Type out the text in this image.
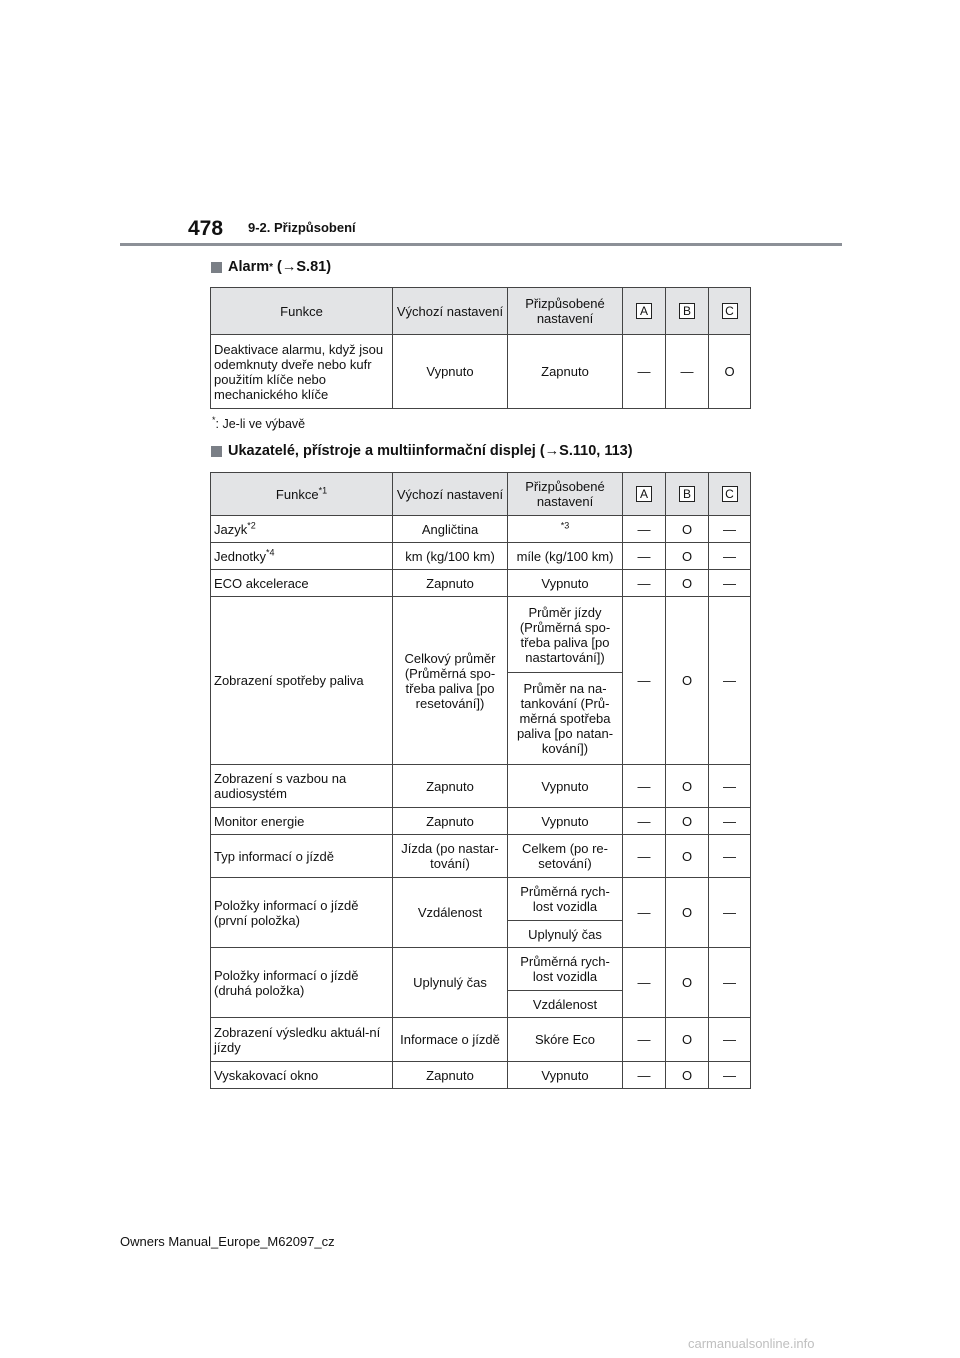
478 9-2. Přizpůsobení
Alarm *
(→S.81)
Funkce	Výchozí nastavení	Přizpůsobené nastavení	A	B	C
Deaktivace alarmu, když jsou odemknuty dveře nebo kufr použitím klíče nebo mechanického klíče	Vypnuto	Zapnuto	—	—	O
*: Je-li ve výbavě
Ukazatelé, přístroje a multiinformační displej
(→S.110, 113)
Funkce$^{*1}$	Výchozí nastavení	Přizpůsobené nastavení	A	B	C
Jazyk$^{*2}$	Angličtina	$^{*3}$	—	O	—
Jednotky$^{*4}$	km (kg/100 km)	míle (kg/100 km)	—	O	—
ECO akcelerace	Zapnuto	Vypnuto	—	O	—
Zobrazení spotřeby paliva	Celkový průměr (Průměrná spo-třeba paliva [po resetování])	Průměr jízdy (Průměrná spo-třeba paliva [po nastartování])	—	O	—
		Průměr na na-tankování (Prů-měrná spotřeba paliva [po natan-kování])			
Zobrazení s vazbou na audiosystém	Zapnuto	Vypnuto	—	O	—
Monitor energie	Zapnuto	Vypnuto	—	O	—
Typ informací o jízdě	Jízda (po nastar-tování)	Celkem (po re-setování)	—	O	—
Položky informací o jízdě (první položka)	Vzdálenost	Průměrná rych-lost vozidla	—	O	—
		Uplynulý čas			
Položky informací o jízdě (druhá položka)	Uplynulý čas	Průměrná rych-lost vozidla	—	O	—
		Vzdálenost			
Zobrazení výsledku aktuál-ní jízdy	Informace o jízdě	Skóre Eco	—	O	—
Vyskakovací okno	Zapnuto	Vypnuto	—	O	—
Owners Manual_Europe_M62097_cz
carmanualsonline.info
